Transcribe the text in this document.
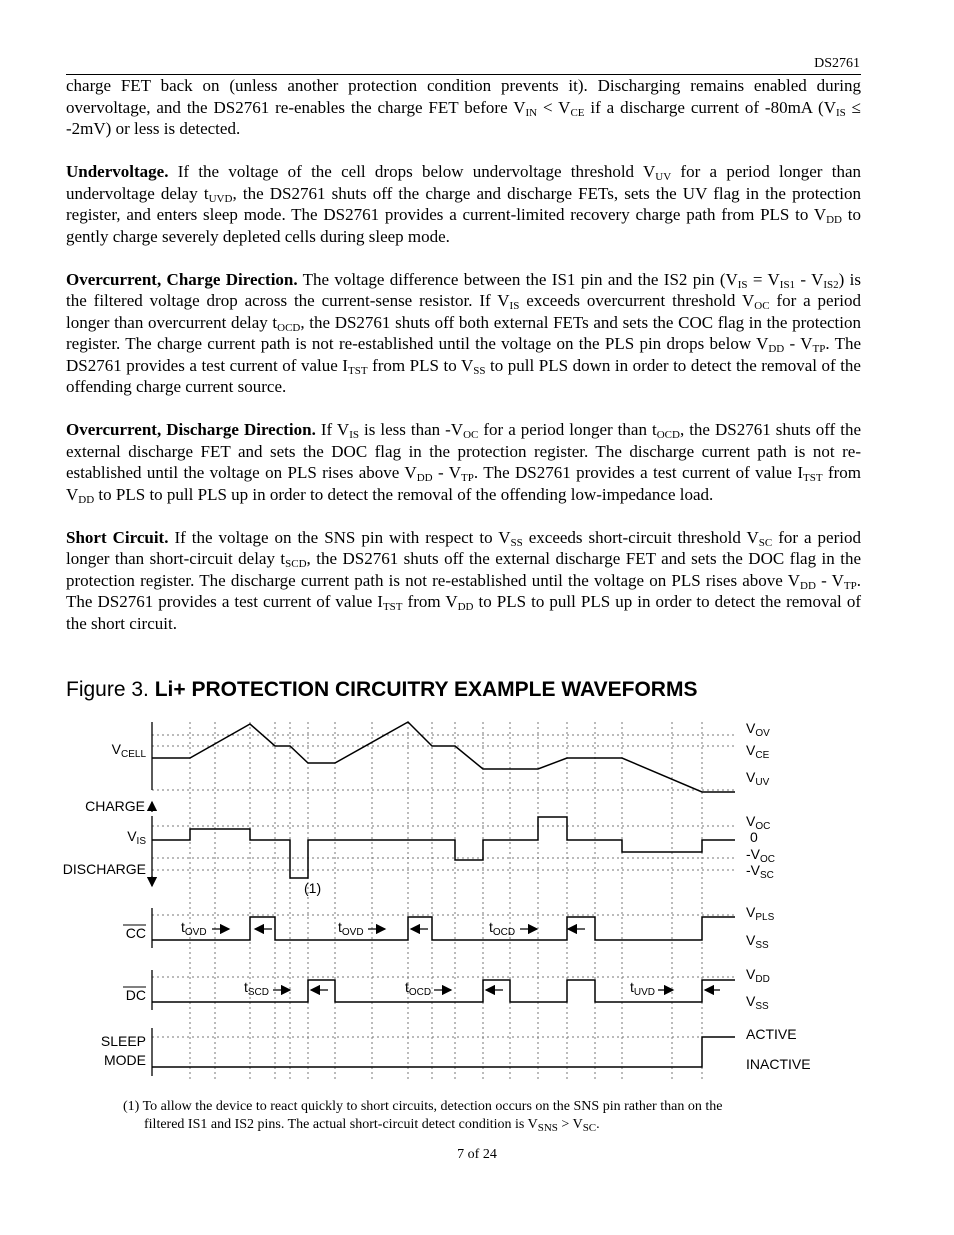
DS2761

charge FET back on (unless another protection condition prevents it). Discharging remains enabled during overvoltage, and the DS2761 re-enables the charge FET before $V_{IN} < V_{CE}$ if a discharge current of -80mA $(V_{IS} \le -2mV)$ or less is detected.

Undervoltage. If the voltage of the cell drops below undervoltage threshold $V_{UV}$ for a period longer than undervoltage delay $t_{UVD}$, the DS2761 shuts off the charge and discharge FETs, sets the UV flag in the protection register, and enters sleep mode. The DS2761 provides a current-limited recovery charge path from PLS to $V_{DD}$ to gently charge severely depleted cells during sleep mode.

Overcurrent, Charge Direction. The voltage difference between the IS1 pin and the IS2 pin $(V_{IS} = V_{IS1} - V_{IS2})$ is the filtered voltage drop across the current-sense resistor. If $V_{IS}$ exceeds overcurrent threshold $V_{OC}$ for a period longer than overcurrent delay $t_{OCD}$, the DS2761 shuts off both external FETs and sets the COC flag in the protection register. The charge current path is not re-established until the voltage on the PLS pin drops below $V_{DD} - V_{TP}$. The DS2761 provides a test current of value $I_{TST}$ from PLS to $V_{SS}$ to pull PLS down in order to detect the removal of the offending charge current source.

Overcurrent, Discharge Direction. If $V_{IS}$ is less than $-V_{OC}$ for a period longer than $t_{OCD}$, the DS2761 shuts off the external discharge FET and sets the DOC flag in the protection register. The discharge current path is not re-established until the voltage on PLS rises above $V_{DD} - V_{TP}$. The DS2761 provides a test current of value $I_{TST}$ from $V_{DD}$ to PLS to pull PLS up in order to detect the removal of the offending low-impedance load.

Short Circuit. If the voltage on the SNS pin with respect to $V_{SS}$ exceeds short-circuit threshold $V_{SC}$ for a period longer than short-circuit delay $t_{SCD}$, the DS2761 shuts off the external discharge FET and sets the DOC flag in the protection register. The discharge current path is not re-established until the voltage on PLS rises above $V_{DD} - V_{TP}$. The DS2761 provides a test current of value $I_{TST}$ from $V_{DD}$ to PLS to pull PLS up in order to detect the removal of the short circuit.

Figure 3. Li+ PROTECTION CIRCUITRY EXAMPLE WAVEFORMS
$V_{CELL}$
CHARGE
$V_{IS}$
DISCHARGE
CC
DC
SLEEP
MODE
(1)
$V_{OV}$
$V_{CE}$
$V_{UV}$
$V_{OC}$
0
$-V_{OC}$
$-V_{SC}$
$V_{PLS}$
$V_{SS}$
$V_{DD}$
$V_{SS}$
ACTIVE
INACTIVE
$t_{OVD}$	$t_{OVD}$	$t_{OCD}$
$t_{SCD}$	$t_{OCD}$	$t_{UVD}$
(1) To allow the device to react quickly to short circuits, detection occurs on the SNS pin rather than on the
filtered IS1 and IS2 pins. The actual short-circuit detect condition is $V_{SNS} > V_{SC}$.
7 of 24
